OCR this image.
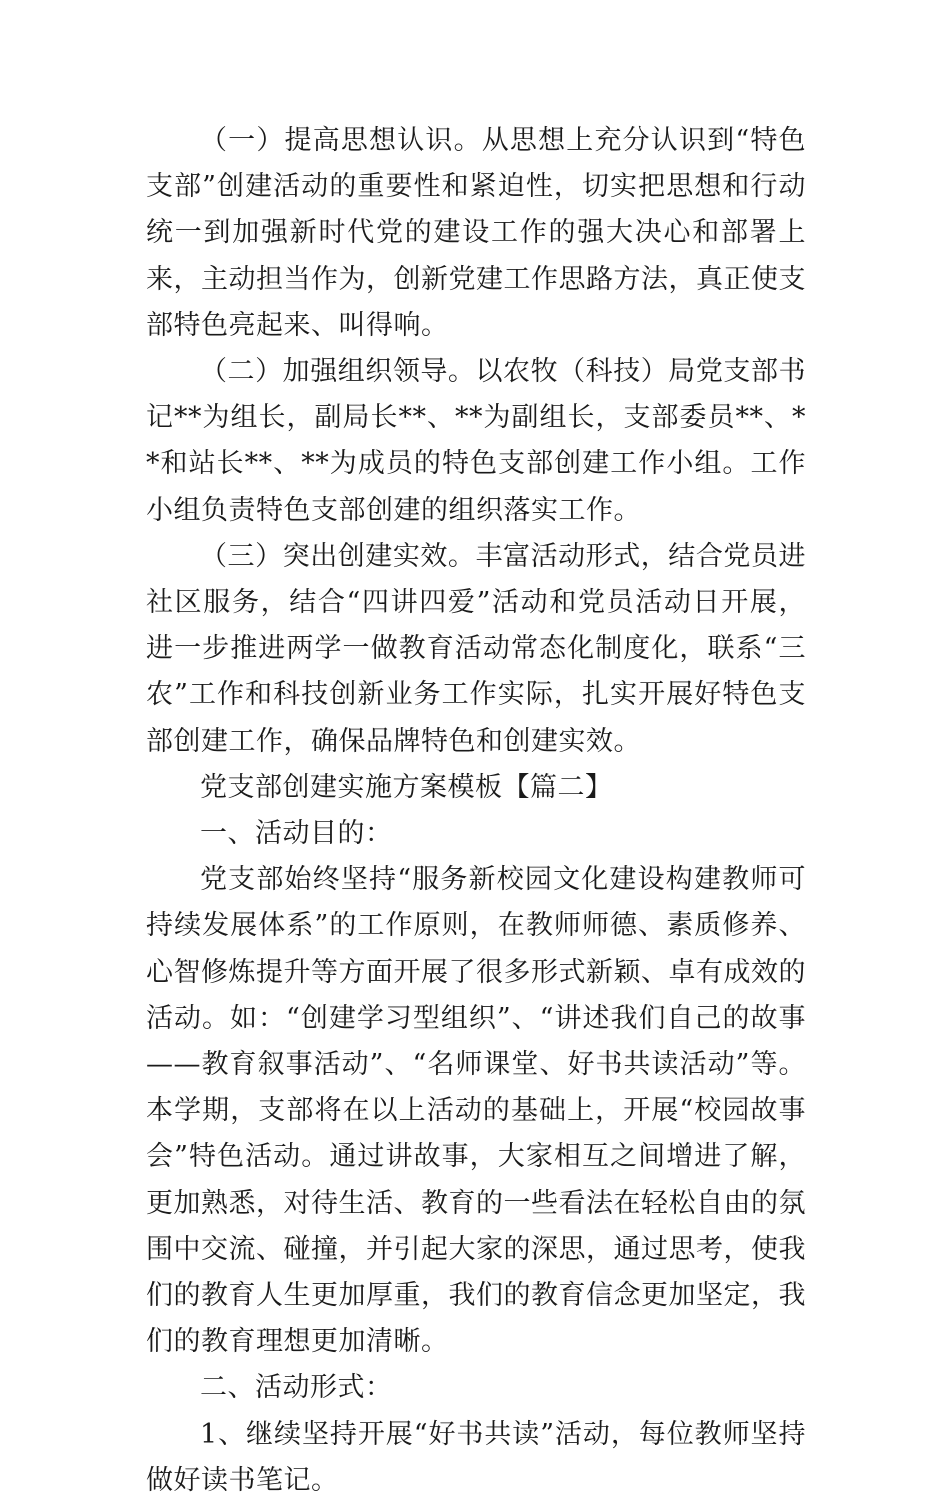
（一）提高思想认识。从思想上充分认识到“特色支部”创建活动的重要性和紧迫性，切实把思想和行动统一到加强新时代党的建设工作的强大决心和部署上来，主动担当作为，创新党建工作思路方法，真正使支部特色亮起来、叫得响。

（二）加强组织领导。以农牧（科技）局党支部书记**为组长，副局长**、**为副组长，支部委员**、**和站长**、**为成员的特色支部创建工作小组。工作小组负责特色支部创建的组织落实工作。

（三）突出创建实效。丰富活动形式，结合党员进社区服务，结合“四讲四爱”活动和党员活动日开展，进一步推进两学一做教育活动常态化制度化，联系“三农”工作和科技创新业务工作实际，扎实开展好特色支部创建工作，确保品牌特色和创建实效。

党支部创建实施方案模板【篇二】

一、活动目的：

党支部始终坚持“服务新校园文化建设构建教师可持续发展体系”的工作原则，在教师师德、素质修养、心智修炼提升等方面开展了很多形式新颖、卓有成效的活动。如：“创建学习型组织”、“讲述我们自己的故事——教育叙事活动”、“名师课堂、好书共读活动”等。本学期，支部将在以上活动的基础上，开展“校园故事会”特色活动。通过讲故事，大家相互之间增进了解，更加熟悉，对待生活、教育的一些看法在轻松自由的氛围中交流、碰撞，并引起大家的深思，通过思考，使我们的教育人生更加厚重，我们的教育信念更加坚定，我们的教育理想更加清晰。

二、活动形式：

1、继续坚持开展“好书共读”活动，每位教师坚持做好读书笔记。
